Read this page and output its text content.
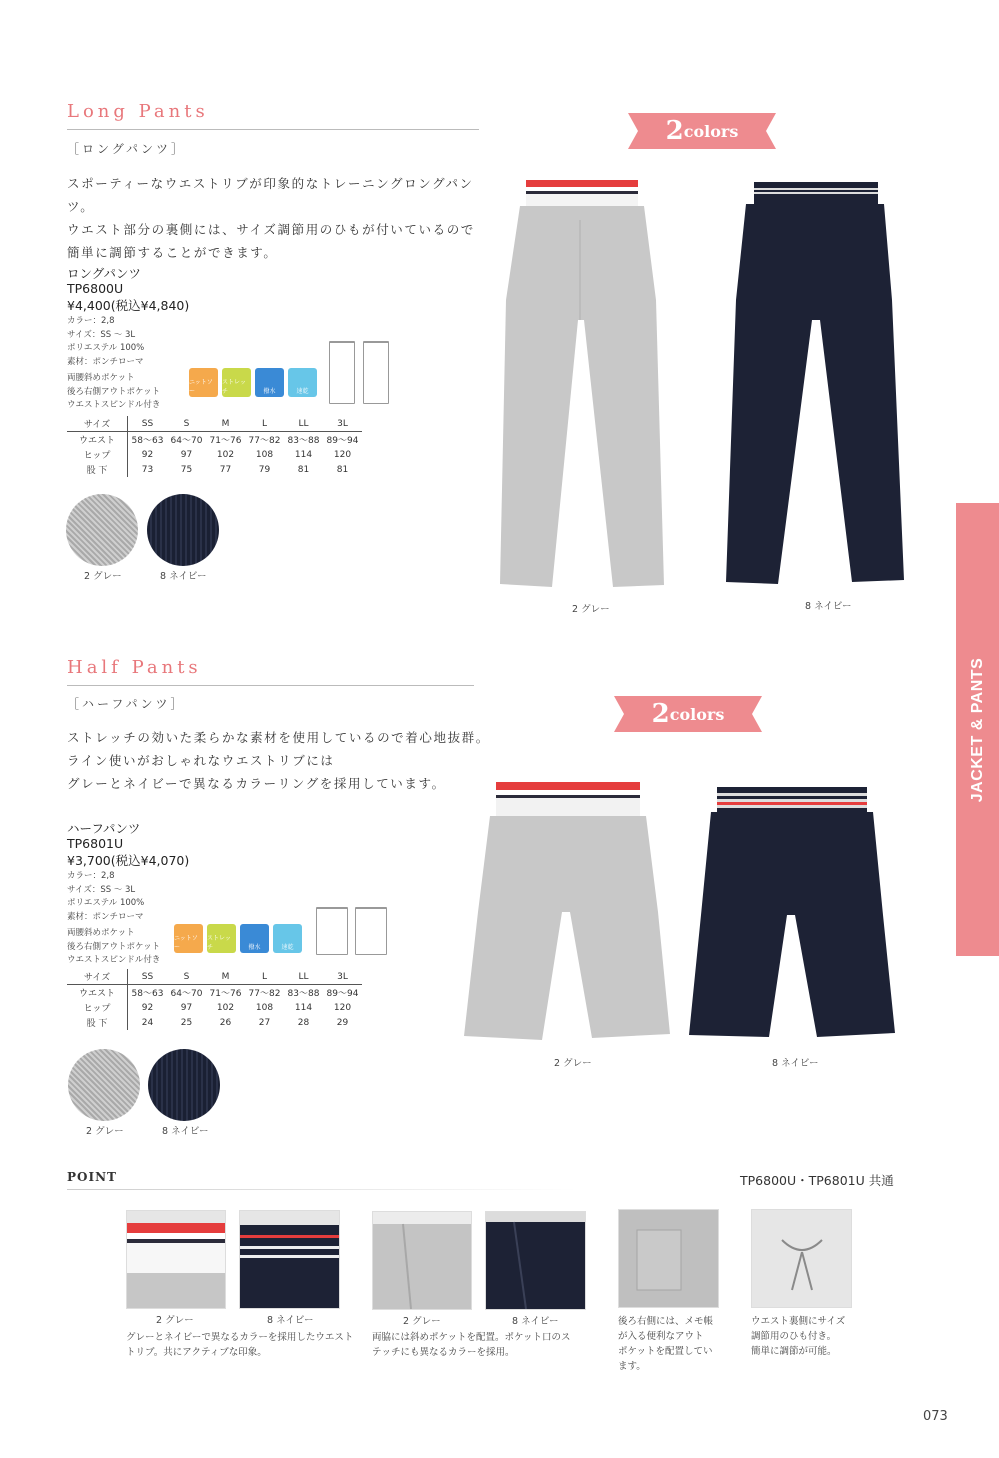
Long Pants
［ロングパンツ］
スポーティーなウエストリブが印象的なトレーニングロングパンツ。
ウエスト部分の裏側には、サイズ調節用のひもが付いているので
簡単に調節することができます。
ロングパンツ
TP6800U
¥4,400(税込¥4,840)
カラー：2,8
サイズ：SS ～ 3L
ポリエステル 100%
素材：ポンチローマ
両腰斜めポケット
後ろ右側アウトポケット
ウエストスピンドル付き
ニットソー
ストレッチ	撥水	速乾
サイズ	SS	S	M	L	LL	3L
ウエスト	58～63	64～70	71～76	77～82	83～88	89～94
ヒップ	92	97	102	108	114	120
股 下	73	75	77	79	81	81
2 グレー	8 ネイビー
2 colors
2 グレー	8 ネイビー
Half Pants
［ハーフパンツ］
ストレッチの効いた柔らかな素材を使用しているので着心地抜群。
ライン使いがおしゃれなウエストリブには
グレーとネイビーで異なるカラーリングを採用しています。
ハーフパンツ
TP6801U
¥3,700(税込¥4,070)
カラー：2,8
サイズ：SS ～ 3L
ポリエステル 100%
素材：ポンチローマ
両腰斜めポケット
後ろ右側アウトポケット
ウエストスピンドル付き
ニットソー
ストレッチ	撥水	速乾
サイズ	SS	S	M	L	LL	3L
ウエスト	58～63	64～70	71～76	77～82	83～88	89～94
ヒップ	92	97	102	108	114	120
股 下	24	25	26	27	28	29
2 グレー	8 ネイビー
2 colors
2 グレー	8 ネイビー
JACKET & PANTS
POINT	TP6800U・TP6801U 共通
2 グレー	8 ネイビー	2 グレー	8 ネイビー
グレーとネイビーで異なるカラーを採用したウエスト
トリブ。共にアクティブな印象。
両脇には斜めポケットを配置。ポケット口のス
テッチにも異なるカラーを採用。
後ろ右側には、メモ帳
が入る便利なアウト
ポケットを配置してい
ます。
ウエスト裏側にサイズ
調節用のひも付き。
簡単に調節が可能。
073
